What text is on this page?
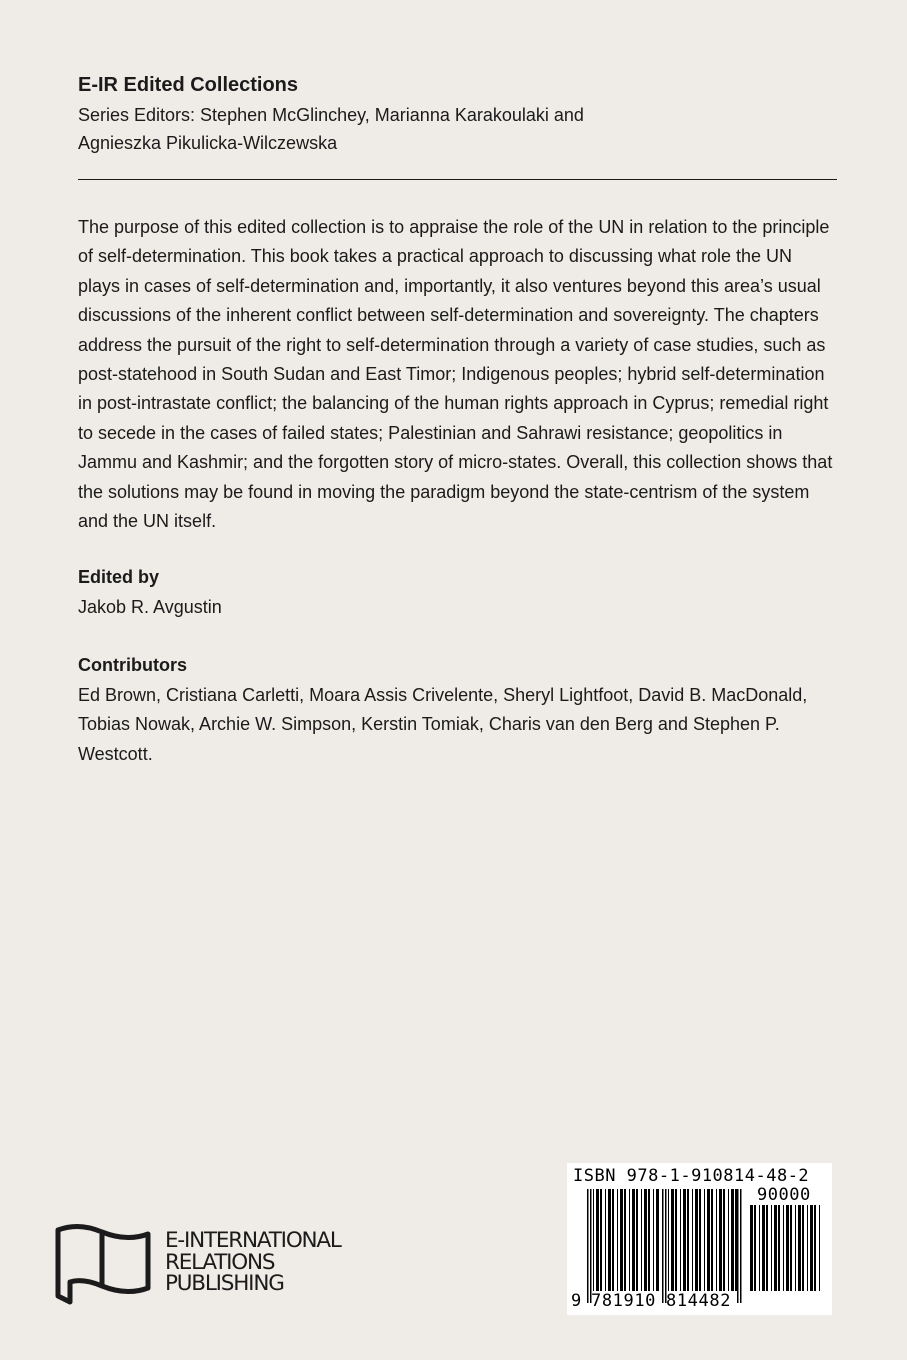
E-IR Edited Collections

Series Editors: Stephen McGlinchey, Marianna Karakoulaki and Agnieszka Pikulicka-Wilczewska

The purpose of this edited collection is to appraise the role of the UN in relation to the principle of self-determination. This book takes a practical approach to discussing what role the UN plays in cases of self-determination and, importantly, it also ventures beyond this area’s usual discussions of the inherent conflict between self-determination and sovereignty. The chapters address the pursuit of the right to self-determination through a variety of case studies, such as post-statehood in South Sudan and East Timor; Indigenous peoples; hybrid self-determination in post-intrastate conflict; the balancing of the human rights approach in Cyprus; remedial right to secede in the cases of failed states; Palestinian and Sahrawi resistance; geopolitics in Jammu and Kashmir; and the forgotten story of micro-states. Overall, this collection shows that the solutions may be found in moving the paradigm beyond the state-centrism of the system and the UN itself.

Edited by

Jakob R. Avgustin

Contributors

Ed Brown, Cristiana Carletti, Moara Assis Crivelente, Sheryl Lightfoot, David B. MacDonald, Tobias Nowak, Archie W. Simpson, Kerstin Tomiak, Charis van den Berg and Stephen P. Westcott.

E-INTERNATIONAL
RELATIONS
PUBLISHING
ISBN 978-1-910814-48-2
90000
9 781910 814482
